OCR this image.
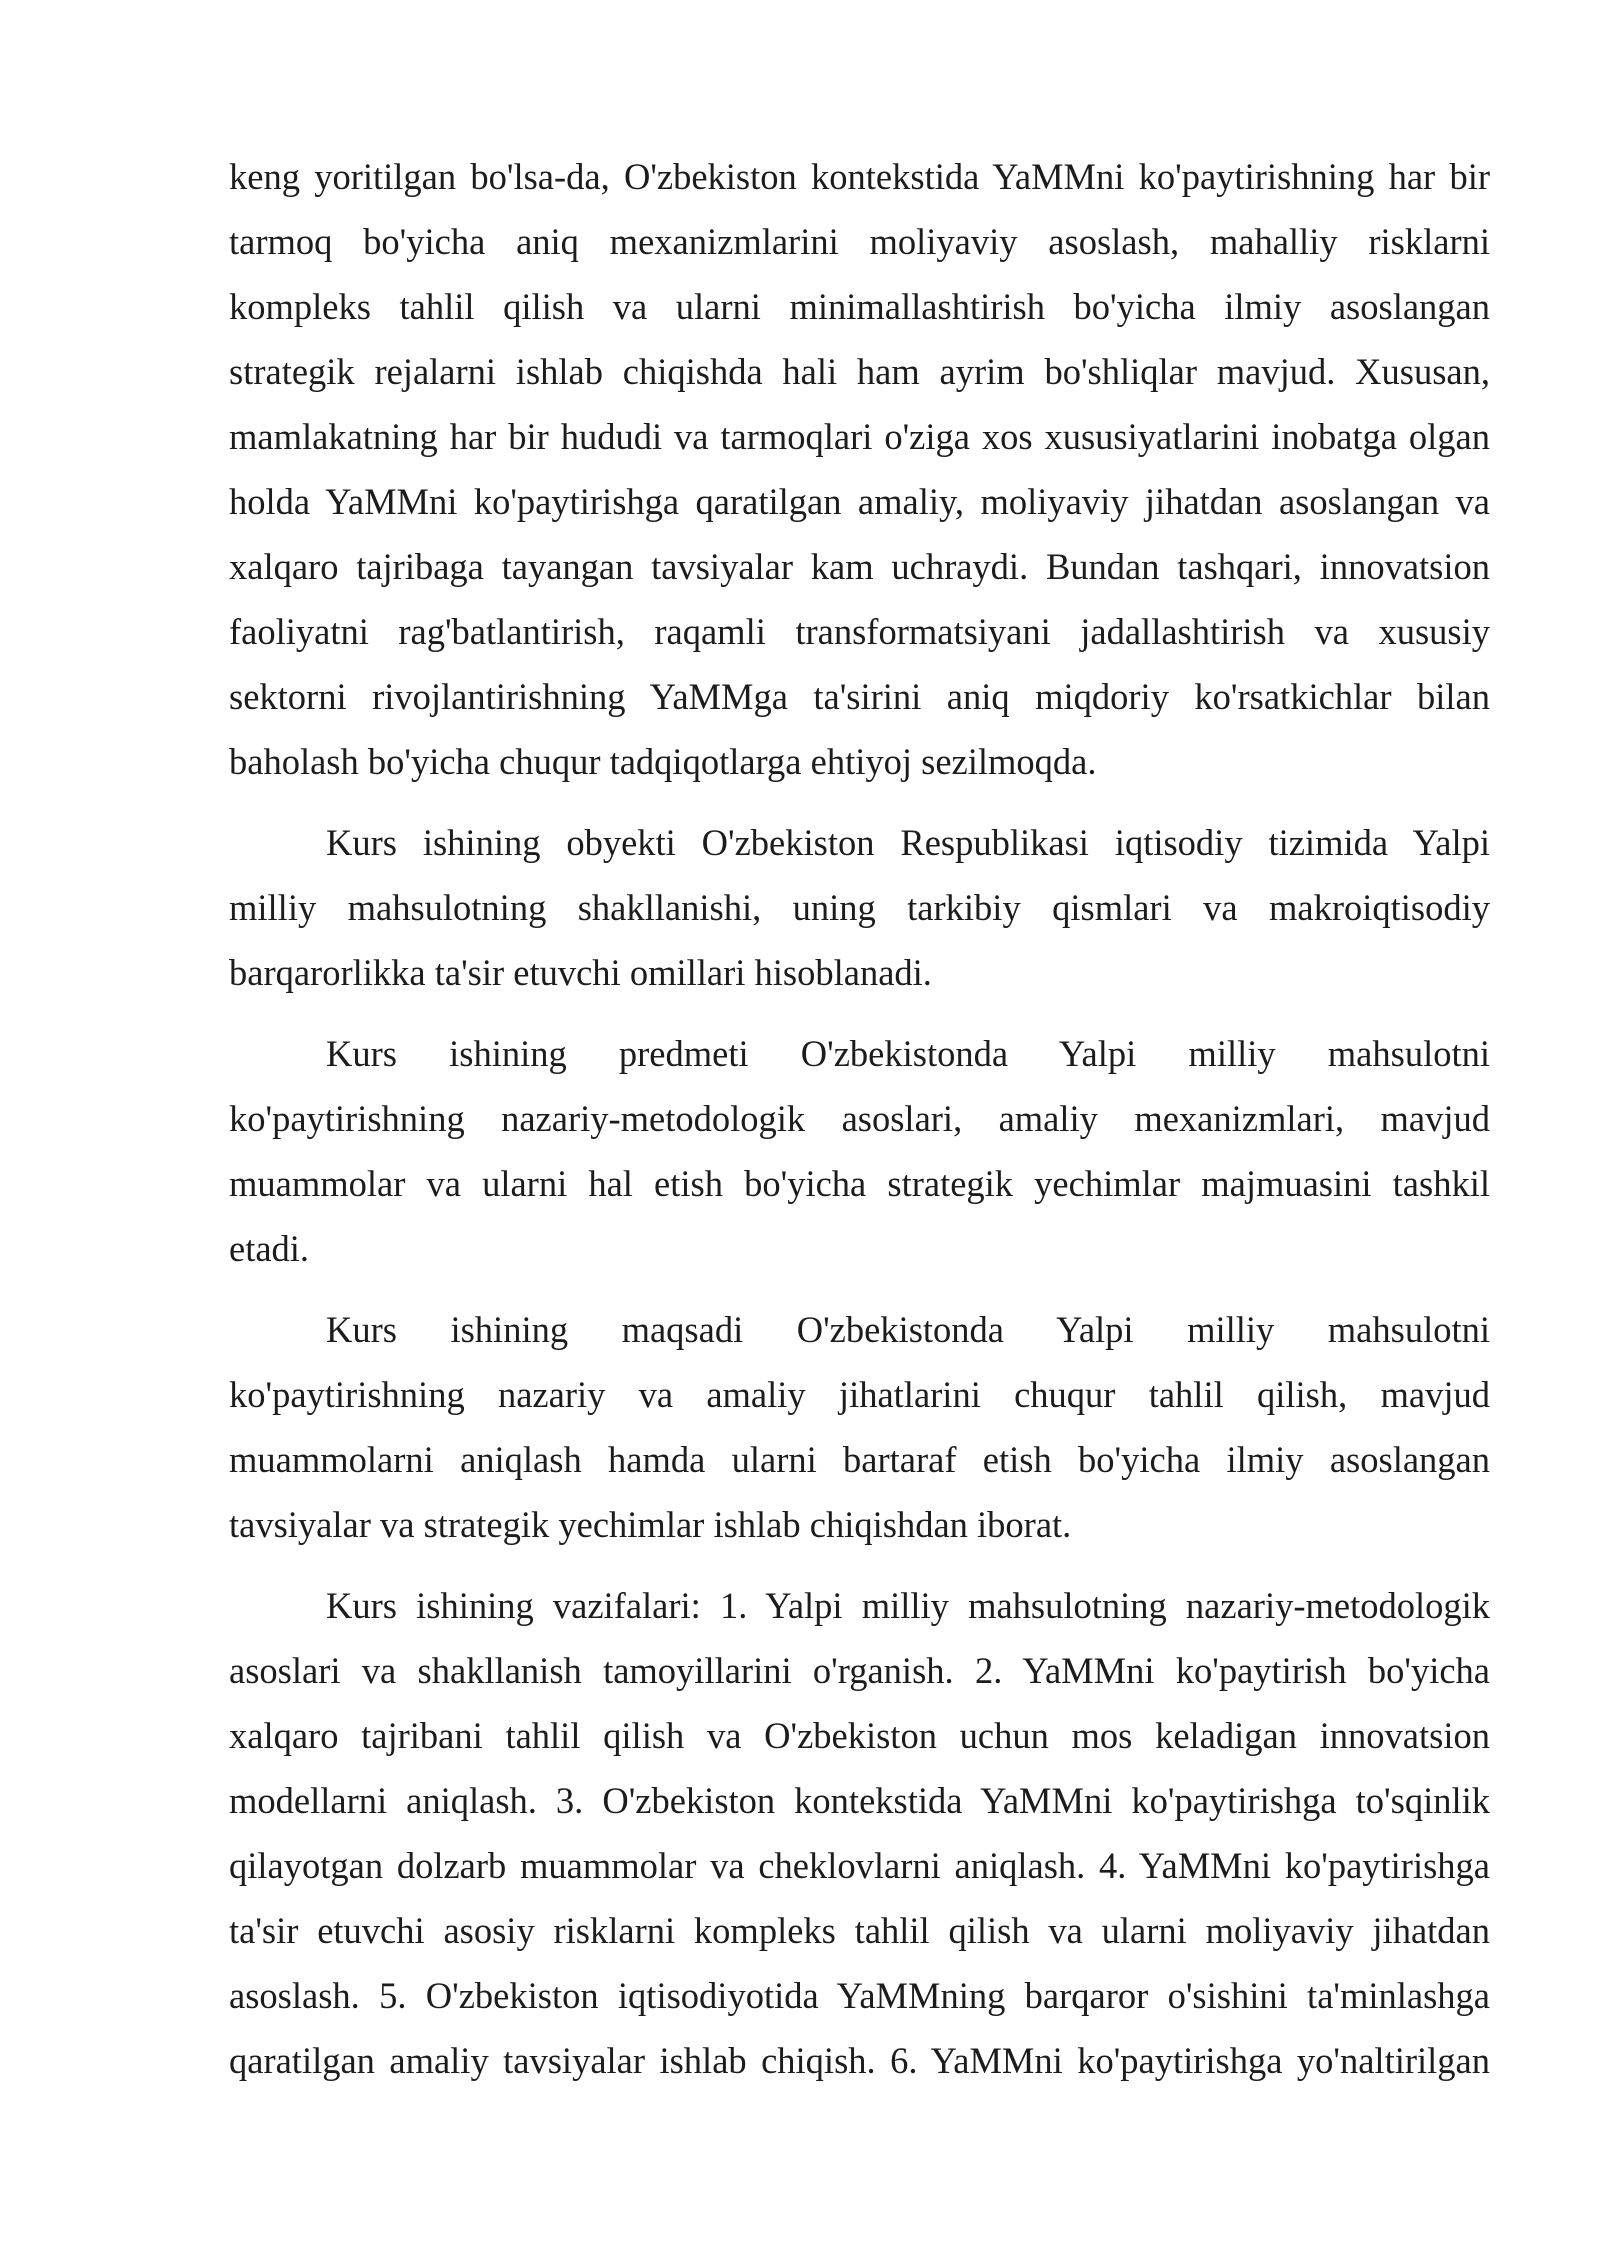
keng yoritilgan bo'lsa-da, O'zbekiston kontekstida YaMMni ko'paytirishning har bir
tarmoq bo'yicha aniq mexanizmlarini moliyaviy asoslash, mahalliy risklarni
kompleks tahlil qilish va ularni minimallashtirish bo'yicha ilmiy asoslangan
strategik rejalarni ishlab chiqishda hali ham ayrim bo'shliqlar mavjud. Xususan,
mamlakatning har bir hududi va tarmoqlari o'ziga xos xususiyatlarini inobatga olgan
holda YaMMni ko'paytirishga qaratilgan amaliy, moliyaviy jihatdan asoslangan va
xalqaro tajribaga tayangan tavsiyalar kam uchraydi. Bundan tashqari, innovatsion
faoliyatni rag'batlantirish, raqamli transformatsiyani jadallashtirish va xususiy
sektorni rivojlantirishning YaMMga ta'sirini aniq miqdoriy ko'rsatkichlar bilan
baholash bo'yicha chuqur tadqiqotlarga ehtiyoj sezilmoqda.
Kurs ishining obyekti O'zbekiston Respublikasi iqtisodiy tizimida Yalpi
milliy mahsulotning shakllanishi, uning tarkibiy qismlari va makroiqtisodiy
barqarorlikka ta'sir etuvchi omillari hisoblanadi.
Kurs ishining predmeti O'zbekistonda Yalpi milliy mahsulotni
ko'paytirishning nazariy-metodologik asoslari, amaliy mexanizmlari, mavjud
muammolar va ularni hal etish bo'yicha strategik yechimlar majmuasini tashkil
etadi.
Kurs ishining maqsadi O'zbekistonda Yalpi milliy mahsulotni
ko'paytirishning nazariy va amaliy jihatlarini chuqur tahlil qilish, mavjud
muammolarni aniqlash hamda ularni bartaraf etish bo'yicha ilmiy asoslangan
tavsiyalar va strategik yechimlar ishlab chiqishdan iborat.
Kurs ishining vazifalari: 1. Yalpi milliy mahsulotning nazariy-metodologik
asoslari va shakllanish tamoyillarini o'rganish. 2. YaMMni ko'paytirish bo'yicha
xalqaro tajribani tahlil qilish va O'zbekiston uchun mos keladigan innovatsion
modellarni aniqlash. 3. O'zbekiston kontekstida YaMMni ko'paytirishga to'sqinlik
qilayotgan dolzarb muammolar va cheklovlarni aniqlash. 4. YaMMni ko'paytirishga
ta'sir etuvchi asosiy risklarni kompleks tahlil qilish va ularni moliyaviy jihatdan
asoslash. 5. O'zbekiston iqtisodiyotida YaMMning barqaror o'sishini ta'minlashga
qaratilgan amaliy tavsiyalar ishlab chiqish. 6. YaMMni ko'paytirishga yo'naltirilgan
